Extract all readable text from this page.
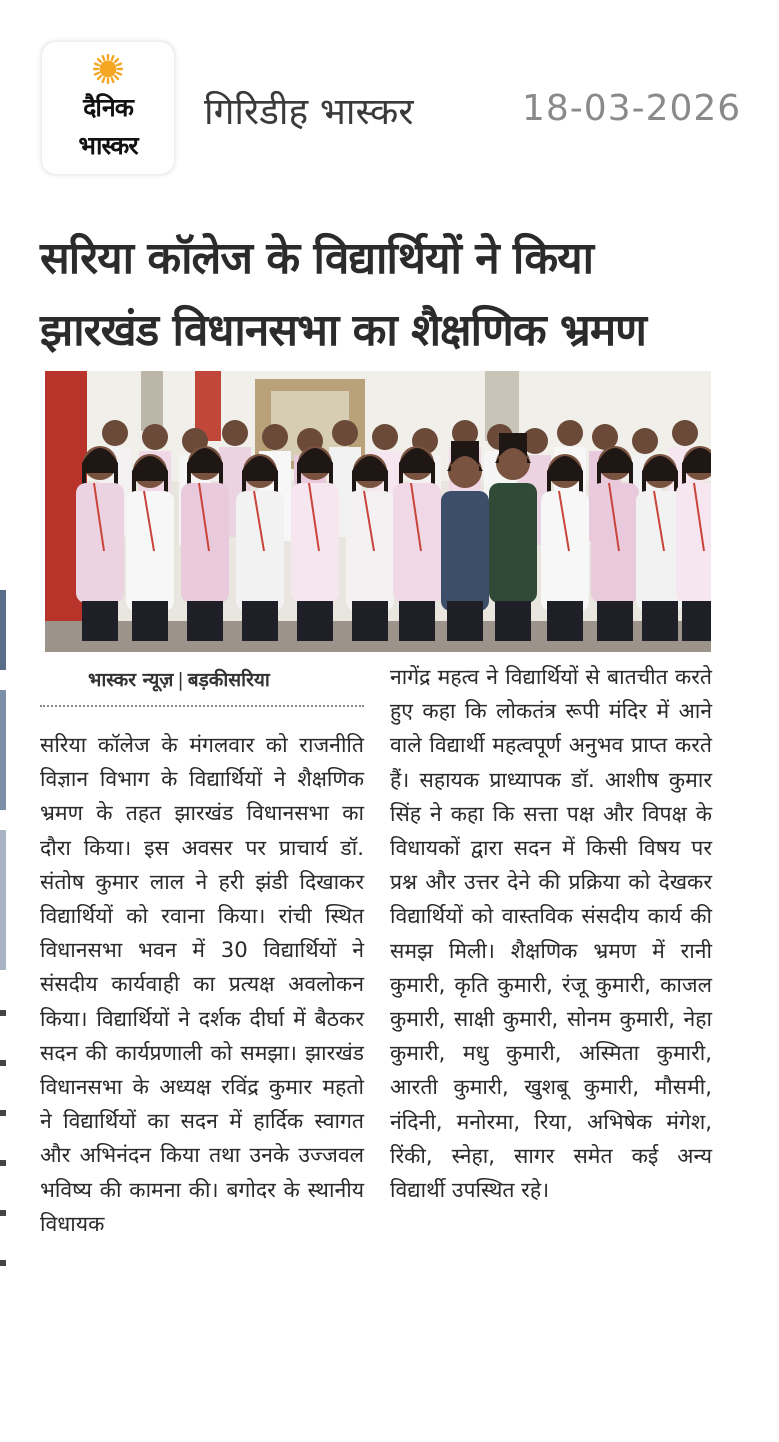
दैनिक
भास्कर
गिरिडीह भास्कर	18-03-2026
सरिया कॉलेज के विद्यार्थियों ने किया
झारखंड विधानसभा का शैक्षणिक भ्रमण
भास्कर न्यूज़ | बड़कीसरिया

सरिया कॉलेज के मंगलवार को राजनीति विज्ञान विभाग के विद्यार्थियों ने शैक्षणिक भ्रमण के तहत झारखंड विधानसभा का दौरा किया। इस अवसर पर प्राचार्य डॉ. संतोष कुमार लाल ने हरी झंडी दिखाकर विद्यार्थियों को रवाना किया। रांची स्थित विधानसभा भवन में 30 विद्यार्थियों ने संसदीय कार्यवाही का प्रत्यक्ष अवलोकन किया। विद्यार्थियों ने दर्शक दीर्घा में बैठकर सदन की कार्यप्रणाली को समझा। झारखंड विधानसभा के अध्यक्ष रविंद्र कुमार महतो ने विद्यार्थियों का सदन में हार्दिक स्वागत और अभिनंदन किया तथा उनके उज्जवल भविष्य की कामना की। बगोदर के स्थानीय विधायक

नागेंद्र महत्व ने विद्यार्थियों से बातचीत करते हुए कहा कि लोकतंत्र रूपी मंदिर में आने वाले विद्यार्थी महत्वपूर्ण अनुभव प्राप्त करते हैं। सहायक प्राध्यापक डॉ. आशीष कुमार सिंह ने कहा कि सत्ता पक्ष और विपक्ष के विधायकों द्वारा सदन में किसी विषय पर प्रश्न और उत्तर देने की प्रक्रिया को देखकर विद्यार्थियों को वास्तविक संसदीय कार्य की समझ मिली। शैक्षणिक भ्रमण में रानी कुमारी, कृति कुमारी, रंजू कुमारी, काजल कुमारी, साक्षी कुमारी, सोनम कुमारी, नेहा कुमारी, मधु कुमारी, अस्मिता कुमारी, आरती कुमारी, खुशबू कुमारी, मौसमी, नंदिनी, मनोरमा, रिया, अभिषेक मंगेश, रिंकी, स्नेहा, सागर समेत कई अन्य विद्यार्थी उपस्थित रहे।
